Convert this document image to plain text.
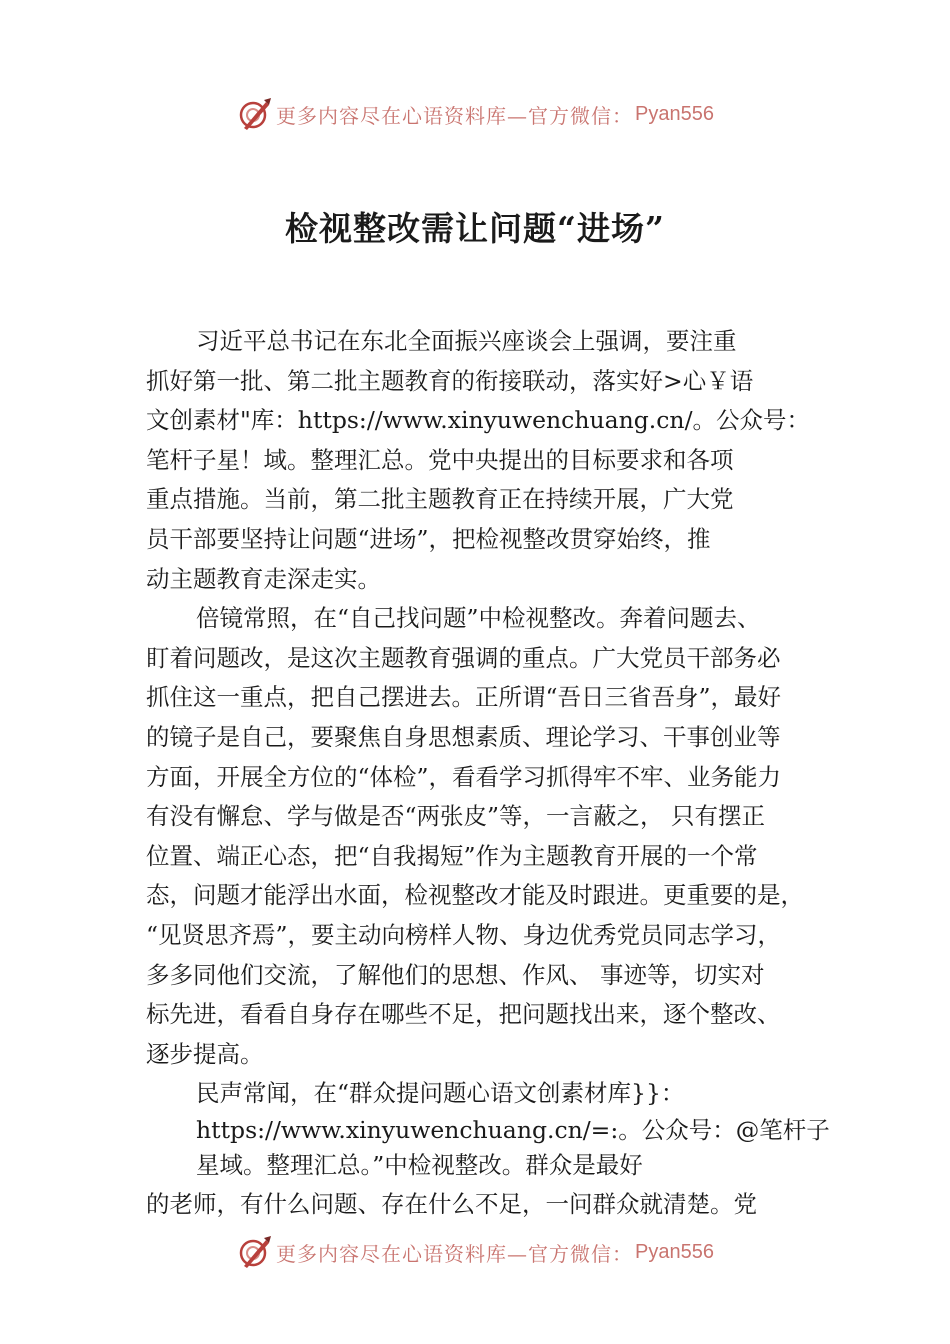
更多内容尽在心语资料库—官方微信： Pyan556
检视整改需让问题“进场”
习近平总书记在东北全面振兴座谈会上强调，要注重
抓好第一批、第二批主题教育的衔接联动，落实好>心￥语
文创素材"库：https://www.xinyuwenchuang.cn/。公众号：
笔杆子星！域。整理汇总。党中央提出的目标要求和各项
重点措施。当前，第二批主题教育正在持续开展，广大党
员干部要坚持让问题“进场”，把检视整改贯穿始终，推
动主题教育走深走实。
倍镜常照，在“自己找问题”中检视整改。奔着问题去、
盯着问题改，是这次主题教育强调的重点。广大党员干部务必
抓住这一重点，把自己摆进去。正所谓“吾日三省吾身”，最好
的镜子是自己，要聚焦自身思想素质、理论学习、干事创业等
方面，开展全方位的“体检”，看看学习抓得牢不牢、业务能力
有没有懈怠、学与做是否“两张皮”等，一言蔽之， 只有摆正
位置、端正心态，把“自我揭短”作为主题教育开展的一个常
态，问题才能浮出水面，检视整改才能及时跟进。更重要的是，
“见贤思齐焉”，要主动向榜样人物、身边优秀党员同志学习，
多多同他们交流，了解他们的思想、作风、 事迹等，切实对
标先进，看看自身存在哪些不足，把问题找出来，逐个整改、
逐步提高。
民声常闻，在“群众提问题心语文创素材库}}：
https://www.xinyuwenchuang.cn/=:。公众号：@笔杆子
星域。整理汇总。”中检视整改。群众是最好
的老师，有什么问题、存在什么不足，一问群众就清楚。党
更多内容尽在心语资料库—官方微信： Pyan556
